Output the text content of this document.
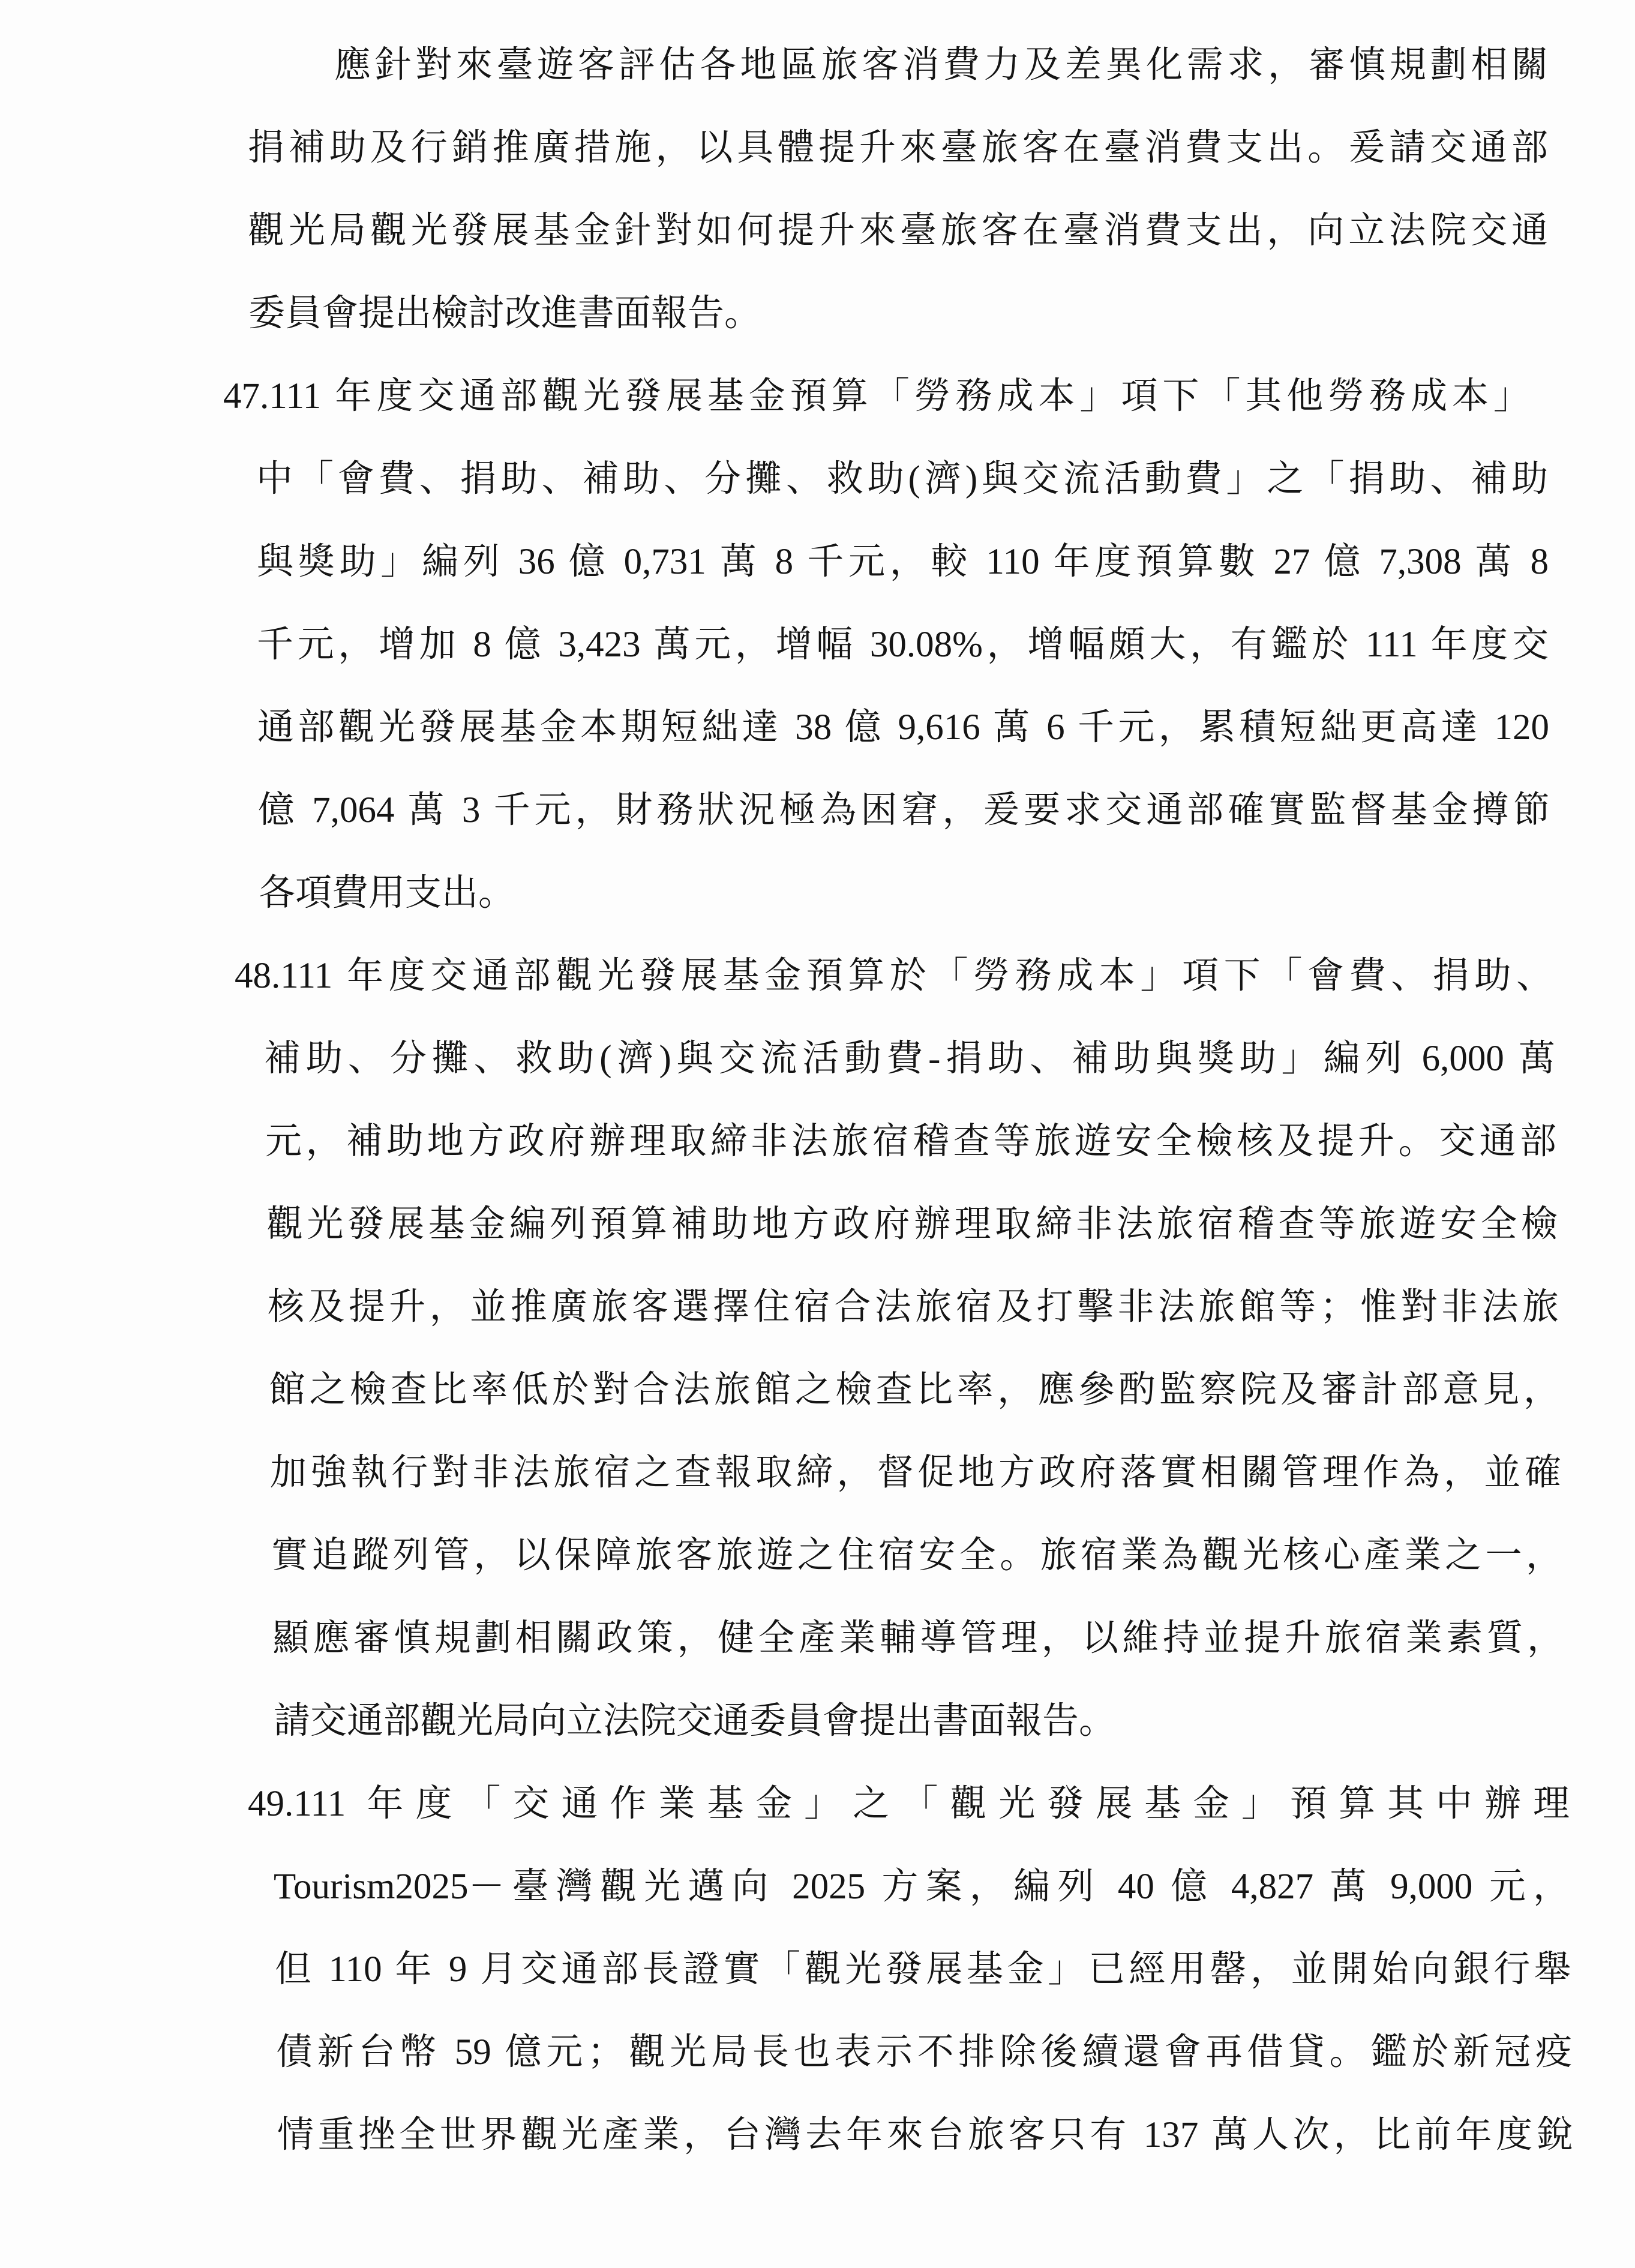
應針對來臺遊客評估各地區旅客消費力及差異化需求，審慎規劃相關
捐補助及行銷推廣措施，以具體提升來臺旅客在臺消費支出。爰請交通部
觀光局觀光發展基金針對如何提升來臺旅客在臺消費支出，向立法院交通
委員會提出檢討改進書面報告。
47.111 年度交通部觀光發展基金預算「勞務成本」項下「其他勞務成本」
中「會費、捐助、補助、分攤、救助(濟)與交流活動費」之「捐助、補助
與獎助」編列 36 億 0,731 萬 8 千元，較 110 年度預算數 27 億 7,308 萬 8
千元，增加 8 億 3,423 萬元，增幅 30.08%，增幅頗大，有鑑於 111 年度交
通部觀光發展基金本期短絀達 38 億 9,616 萬 6 千元，累積短絀更高達 120
億 7,064 萬 3 千元，財務狀況極為困窘，爰要求交通部確實監督基金撙節
各項費用支出。
48.111 年度交通部觀光發展基金預算於「勞務成本」項下「會費、捐助、
補助、分攤、救助(濟)與交流活動費-捐助、補助與獎助」編列 6,000 萬
元，補助地方政府辦理取締非法旅宿稽查等旅遊安全檢核及提升。交通部
觀光發展基金編列預算補助地方政府辦理取締非法旅宿稽查等旅遊安全檢
核及提升，並推廣旅客選擇住宿合法旅宿及打擊非法旅館等；惟對非法旅
館之檢查比率低於對合法旅館之檢查比率，應參酌監察院及審計部意見，
加強執行對非法旅宿之查報取締，督促地方政府落實相關管理作為，並確
實追蹤列管，以保障旅客旅遊之住宿安全。旅宿業為觀光核心產業之一，
顯應審慎規劃相關政策，健全產業輔導管理，以維持並提升旅宿業素質，
請交通部觀光局向立法院交通委員會提出書面報告。
49.111 年度「交通作業基金」之「觀光發展基金」預算其中辦理
Tourism2025－臺灣觀光邁向 2025 方案，編列 40 億 4,827 萬 9,000 元，
但 110 年 9 月交通部長證實「觀光發展基金」已經用罄，並開始向銀行舉
債新台幣 59 億元；觀光局長也表示不排除後續還會再借貸。鑑於新冠疫
情重挫全世界觀光產業，台灣去年來台旅客只有 137 萬人次，比前年度銳
